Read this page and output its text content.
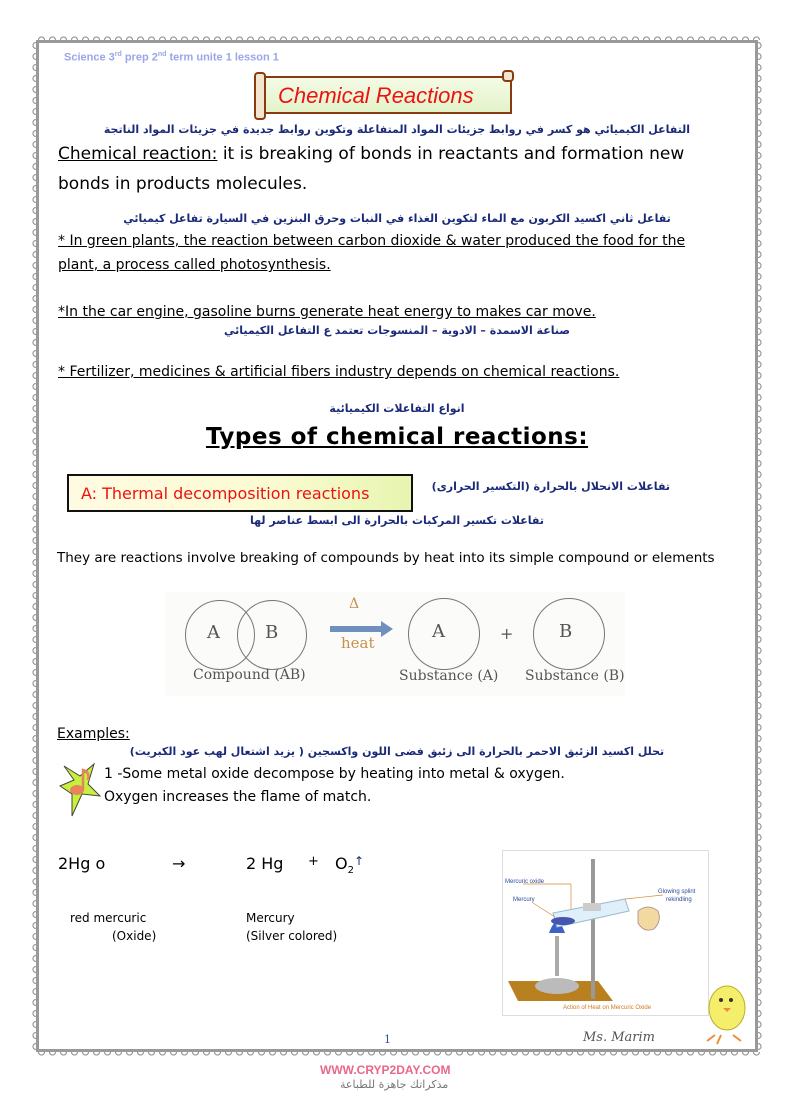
Science 3rd prep 2nd term unite 1 lesson 1
Chemical Reactions
التفاعل الكيميائي هو كسر في روابط جزيئات المواد المتفاعلة وتكوين روابط جديدة في جزيئات المواد الناتجة
Chemical reaction: it is breaking of bonds in reactants and formation new
bonds in products molecules.
تفاعل ثاني اكسيد الكربون مع الماء لتكوين الغذاء في النبات وحرق البنزين في السيارة تفاعل كيميائي
* In green plants, the reaction between carbon dioxide & water produced the food for the
plant, a process called photosynthesis.
*In the car engine, gasoline burns generate heat energy to makes car move.
صناعة الاسمدة – الادوية – المنسوجات تعتمد ع التفاعل الكيميائي
* Fertilizer, medicines & artificial fibers industry depends on chemical reactions.
انواع التفاعلات الكيميائية
Types of chemical reactions:
A: Thermal decomposition reactions	تفاعلات الانحلال بالحرارة (التكسير الحرارى)
تفاعلات تكسير المركبات بالحرارة الى ابسط عناصر لها
They are reactions involve breaking of compounds by heat into its simple compound or elements
A	B
Compound (AB)
Δ
heat
A	+	B
Substance (A) Substance (B)
Examples:
تحلل اكسيد الزئبق الاحمر بالحرارة الى زئبق فضى اللون واكسجين ( يزيد اشتعال لهب عود الكبريت)
1 -Some metal oxide decompose by heating into metal & oxygen.
Oxygen increases the flame of match.
2Hg o	→	2 $Hg + O_2^↑$
red mercuric
(Oxide)
Mercury
(Silver colored)
Mercuric oxide
Mercury
Glowing splint
rekindling
Action of Heat on Mercuric Oxide
1	Ms. Marim
WWW.CRYP2DAY.COM
مذكراتك جاهزة للطباعة
